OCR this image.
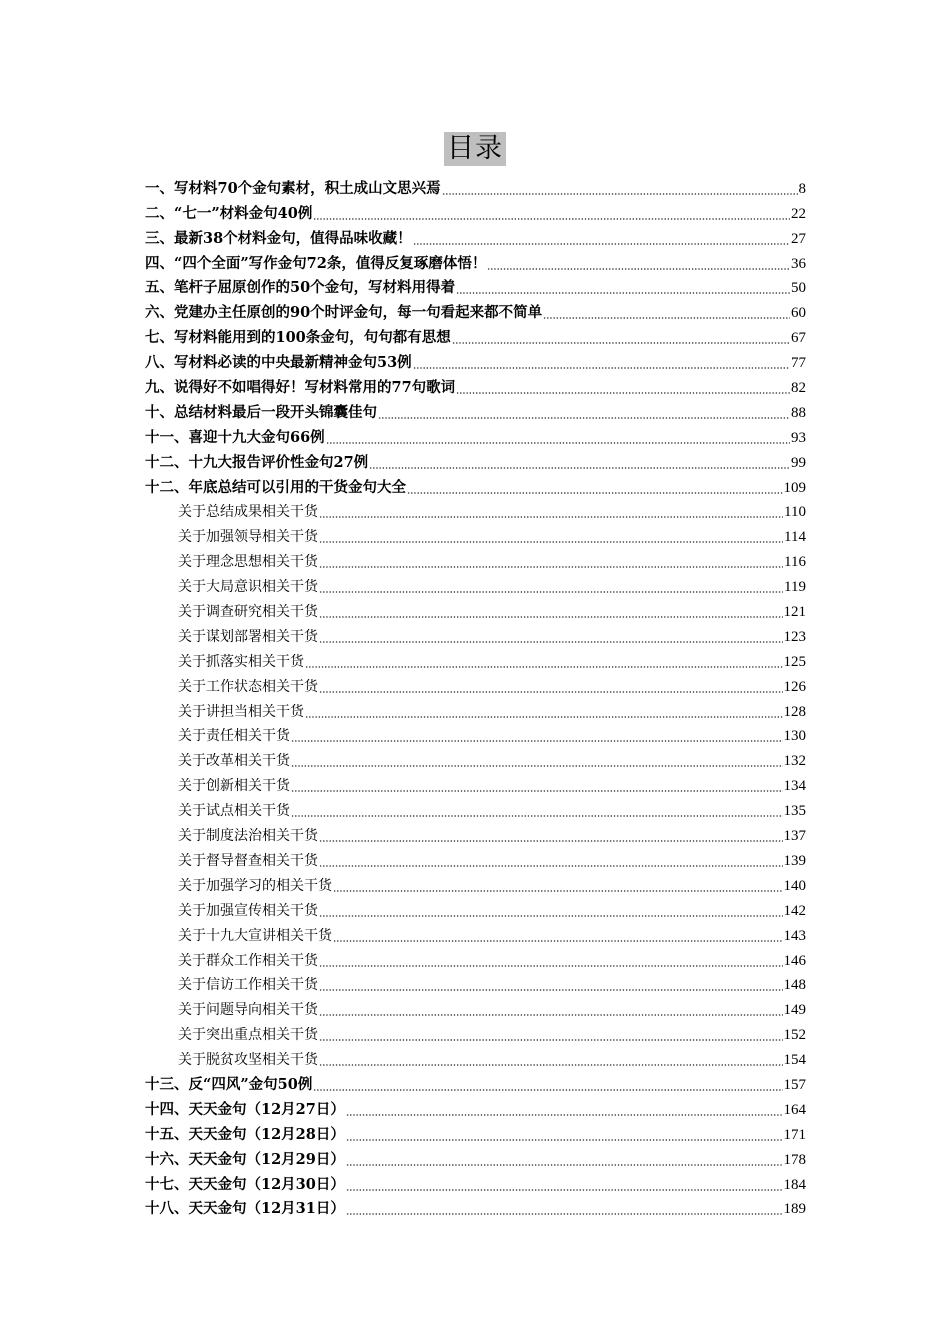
目录
一、写材料70个金句素材，积土成山文思兴焉	8
二、“七一”材料金句40例	22
三、最新38个材料金句，值得品味收藏！	27
四、“四个全面”写作金句72条，值得反复琢磨体悟！	36
五、笔杆子屈原创作的50个金句，写材料用得着	50
六、党建办主任原创的90个时评金句，每一句看起来都不简单	60
七、写材料能用到的100条金句，句句都有思想	67
八、写材料必读的中央最新精神金句53例	77
九、说得好不如唱得好！写材料常用的77句歌词	82
十、总结材料最后一段开头锦囊佳句	88
十一、喜迎十九大金句66例	93
十二、十九大报告评价性金句27例	99
十二、年底总结可以引用的干货金句大全	109
关于总结成果相关干货	110
关于加强领导相关干货	114
关于理念思想相关干货	116
关于大局意识相关干货	119
关于调查研究相关干货	121
关于谋划部署相关干货	123
关于抓落实相关干货	125
关于工作状态相关干货	126
关于讲担当相关干货	128
关于责任相关干货	130
关于改革相关干货	132
关于创新相关干货	134
关于试点相关干货	135
关于制度法治相关干货	137
关于督导督查相关干货	139
关于加强学习的相关干货	140
关于加强宣传相关干货	142
关于十九大宣讲相关干货	143
关于群众工作相关干货	146
关于信访工作相关干货	148
关于问题导向相关干货	149
关于突出重点相关干货	152
关于脱贫攻坚相关干货	154
十三、反“四风”金句50例	157
十四、天天金句（12月27日）	164
十五、天天金句（12月28日）	171
十六、天天金句（12月29日）	178
十七、天天金句（12月30日）	184
十八、天天金句（12月31日）	189
